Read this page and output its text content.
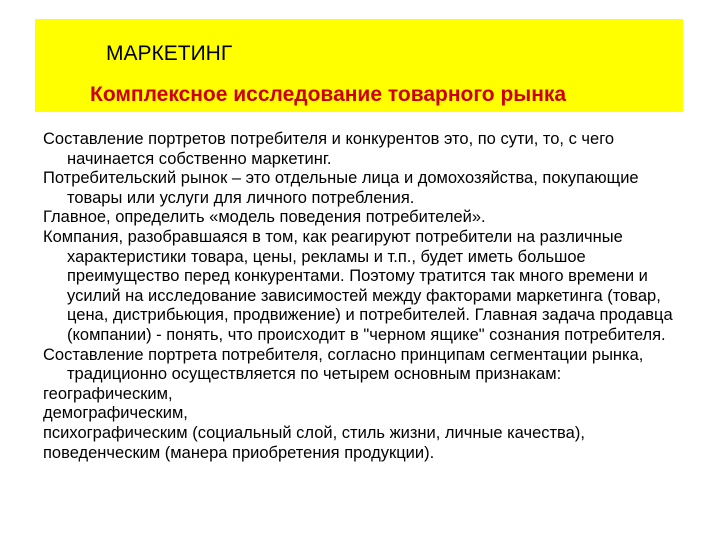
МАРКЕТИНГ
Комплексное исследование товарного рынка
Составление портретов потребителя и конкурентов это, по сути, то, с чего начинается собственно маркетинг.
Потребительский рынок – это отдельные лица и домохозяйства, покупающие товары или услуги для личного потребления.
Главное, определить «модель поведения потребителей».
Компания, разобравшаяся в том, как реагируют потребители на различные характеристики товара, цены, рекламы и т.п., будет иметь большое преимущество перед конкурентами. Поэтому тратится так много времени и усилий на исследование зависимостей между факторами маркетинга (товар, цена, дистрибьюция, продвижение) и потребителей. Главная задача продавца (компании) - понять, что происходит в "черном ящике" сознания потребителя.
Составление портрета потребителя, согласно принципам сегментации рынка, традиционно осуществляется по четырем основным признакам:
географическим,
демографическим,
психографическим (социальный слой, стиль жизни, личные качества),
поведенческим (манера приобретения продукции).
